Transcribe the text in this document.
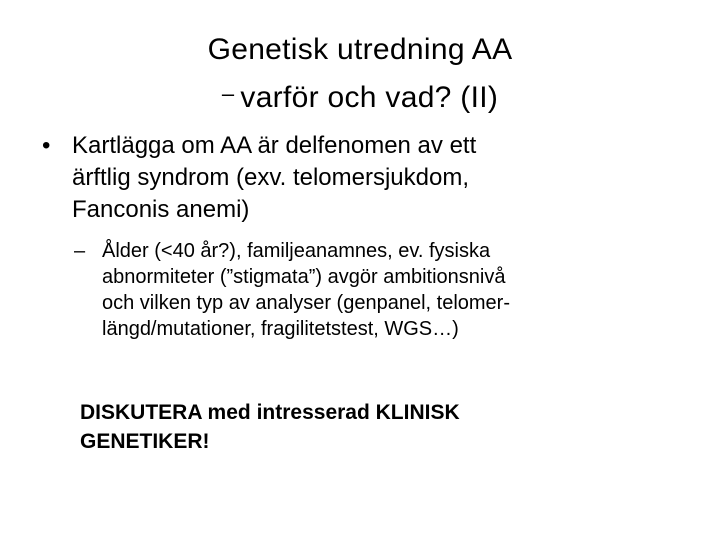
Genetisk utredning AA
– varför och vad? (II)
• Kartlägga om AA är delfenomen av ett
ärftlig syndrom (exv. telomersjukdom,
Fanconis anemi)
– Ålder (<40 år?), familjeanamnes, ev. fysiska
abnormiteter (”stigmata”) avgör ambitionsnivå
och vilken typ av analyser (genpanel, telomer-
längd/mutationer, fragilitetstest, WGS…)
DISKUTERA med intresserad KLINISK
GENETIKER!
